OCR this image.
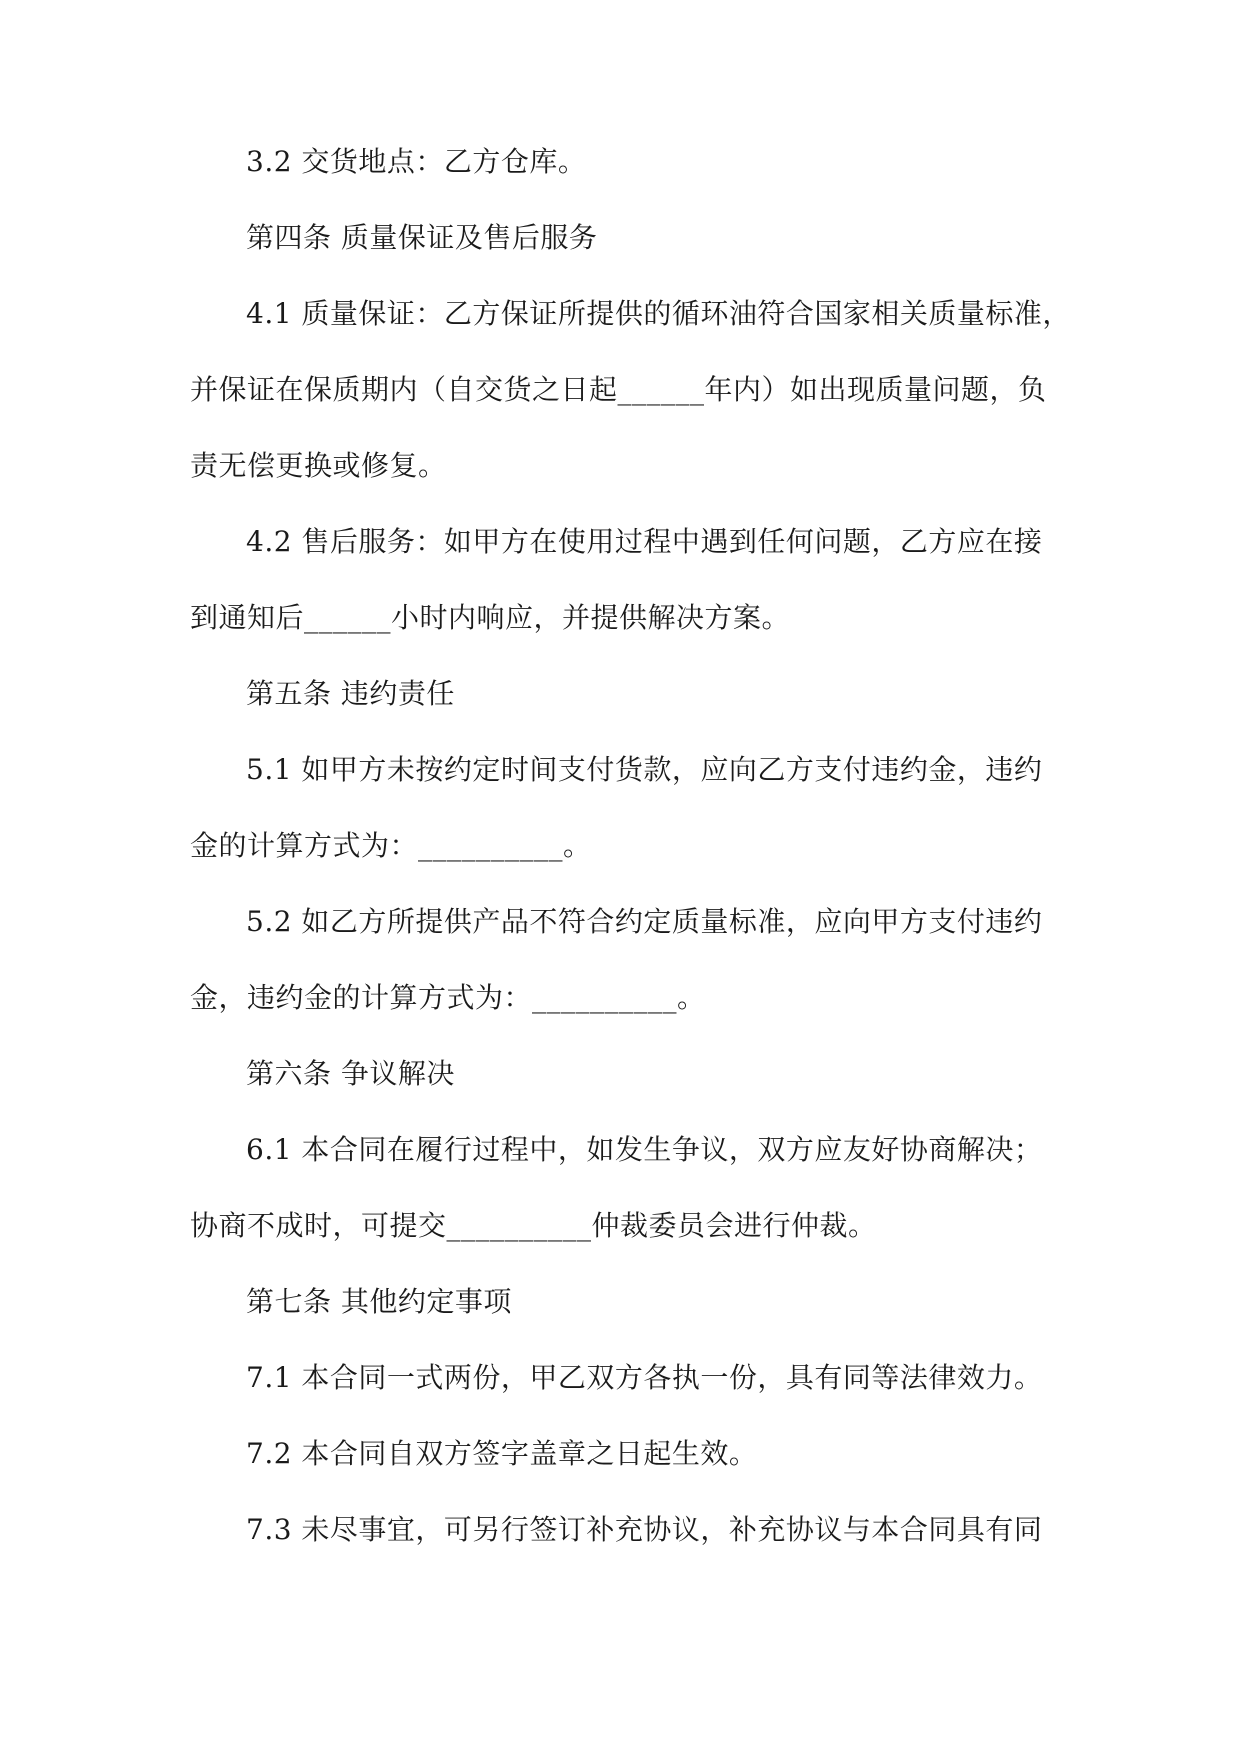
3.2 交货地点：乙方仓库。
第四条 质量保证及售后服务
4.1 质量保证：乙方保证所提供的循环油符合国家相关质量标准，
并保证在保质期内（自交货之日起______年内）如出现质量问题，负
责无偿更换或修复。
4.2 售后服务：如甲方在使用过程中遇到任何问题，乙方应在接
到通知后______小时内响应，并提供解决方案。
第五条 违约责任
5.1 如甲方未按约定时间支付货款，应向乙方支付违约金，违约
金的计算方式为：__________。
5.2 如乙方所提供产品不符合约定质量标准，应向甲方支付违约
金，违约金的计算方式为：__________。
第六条 争议解决
6.1 本合同在履行过程中，如发生争议，双方应友好协商解决；
协商不成时，可提交__________仲裁委员会进行仲裁。
第七条 其他约定事项
7.1 本合同一式两份，甲乙双方各执一份，具有同等法律效力。
7.2 本合同自双方签字盖章之日起生效。
7.3 未尽事宜，可另行签订补充协议，补充协议与本合同具有同
